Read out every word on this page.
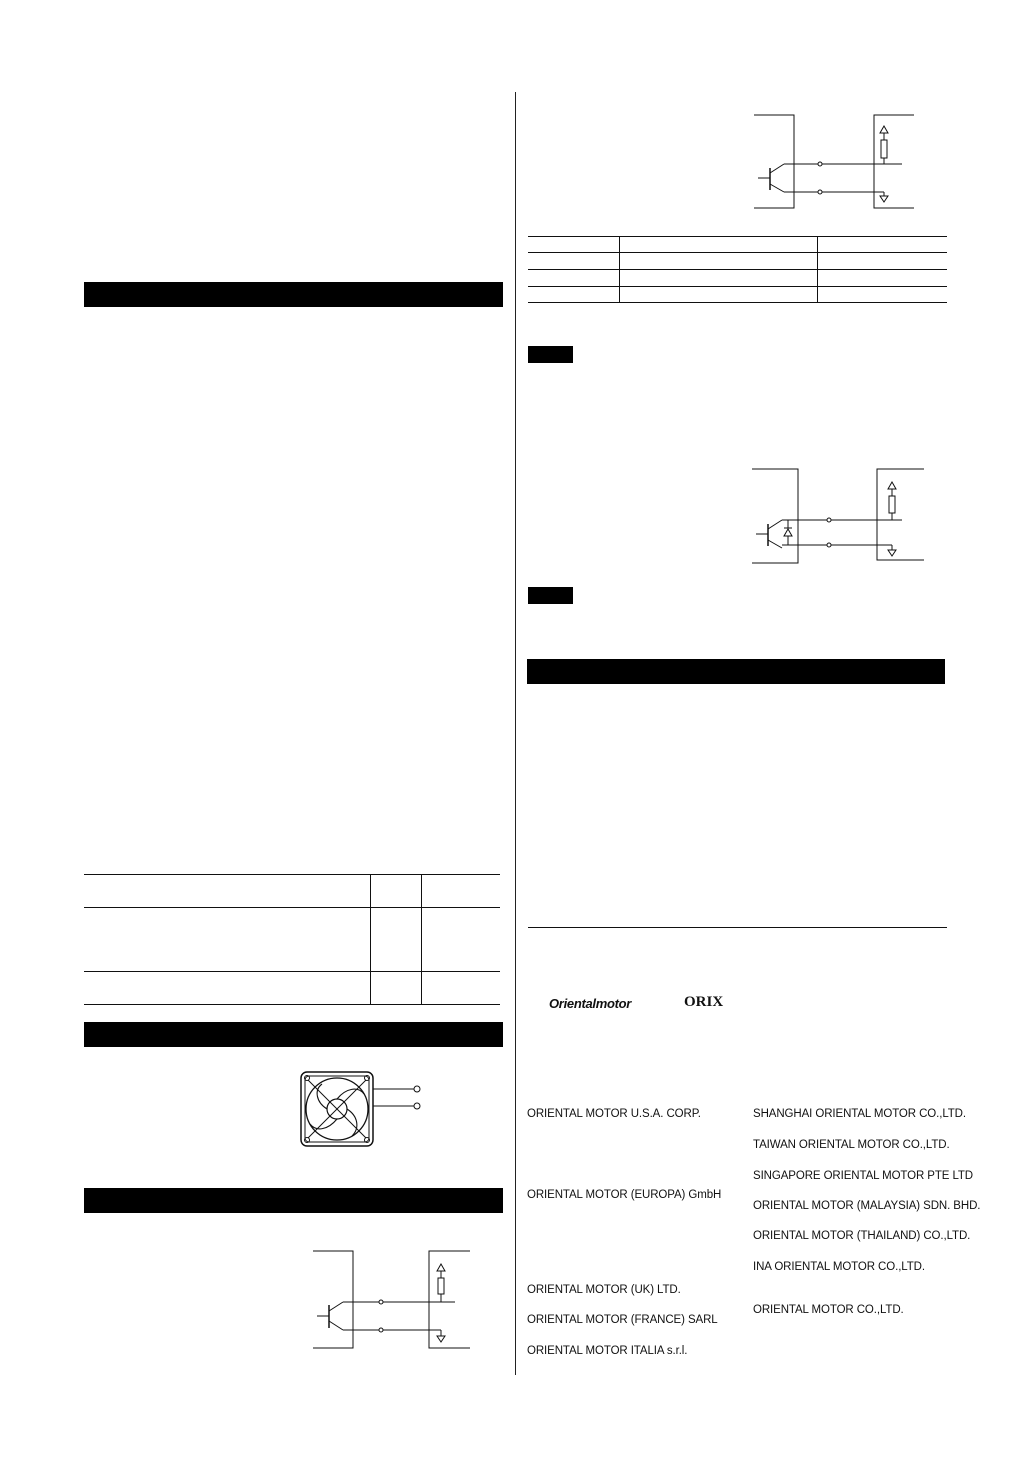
Orientalmotor	ORIX
ORIENTAL MOTOR U.S.A. CORP.
ORIENTAL MOTOR (EUROPA) GmbH
ORIENTAL MOTOR (UK) LTD.
ORIENTAL MOTOR (FRANCE) SARL
ORIENTAL MOTOR ITALIA s.r.l.
SHANGHAI ORIENTAL MOTOR CO.,LTD.
TAIWAN ORIENTAL MOTOR CO.,LTD.
SINGAPORE ORIENTAL MOTOR PTE LTD
ORIENTAL MOTOR (MALAYSIA) SDN. BHD.
ORIENTAL MOTOR (THAILAND) CO.,LTD.
INA ORIENTAL MOTOR CO.,LTD.
ORIENTAL MOTOR CO.,LTD.
